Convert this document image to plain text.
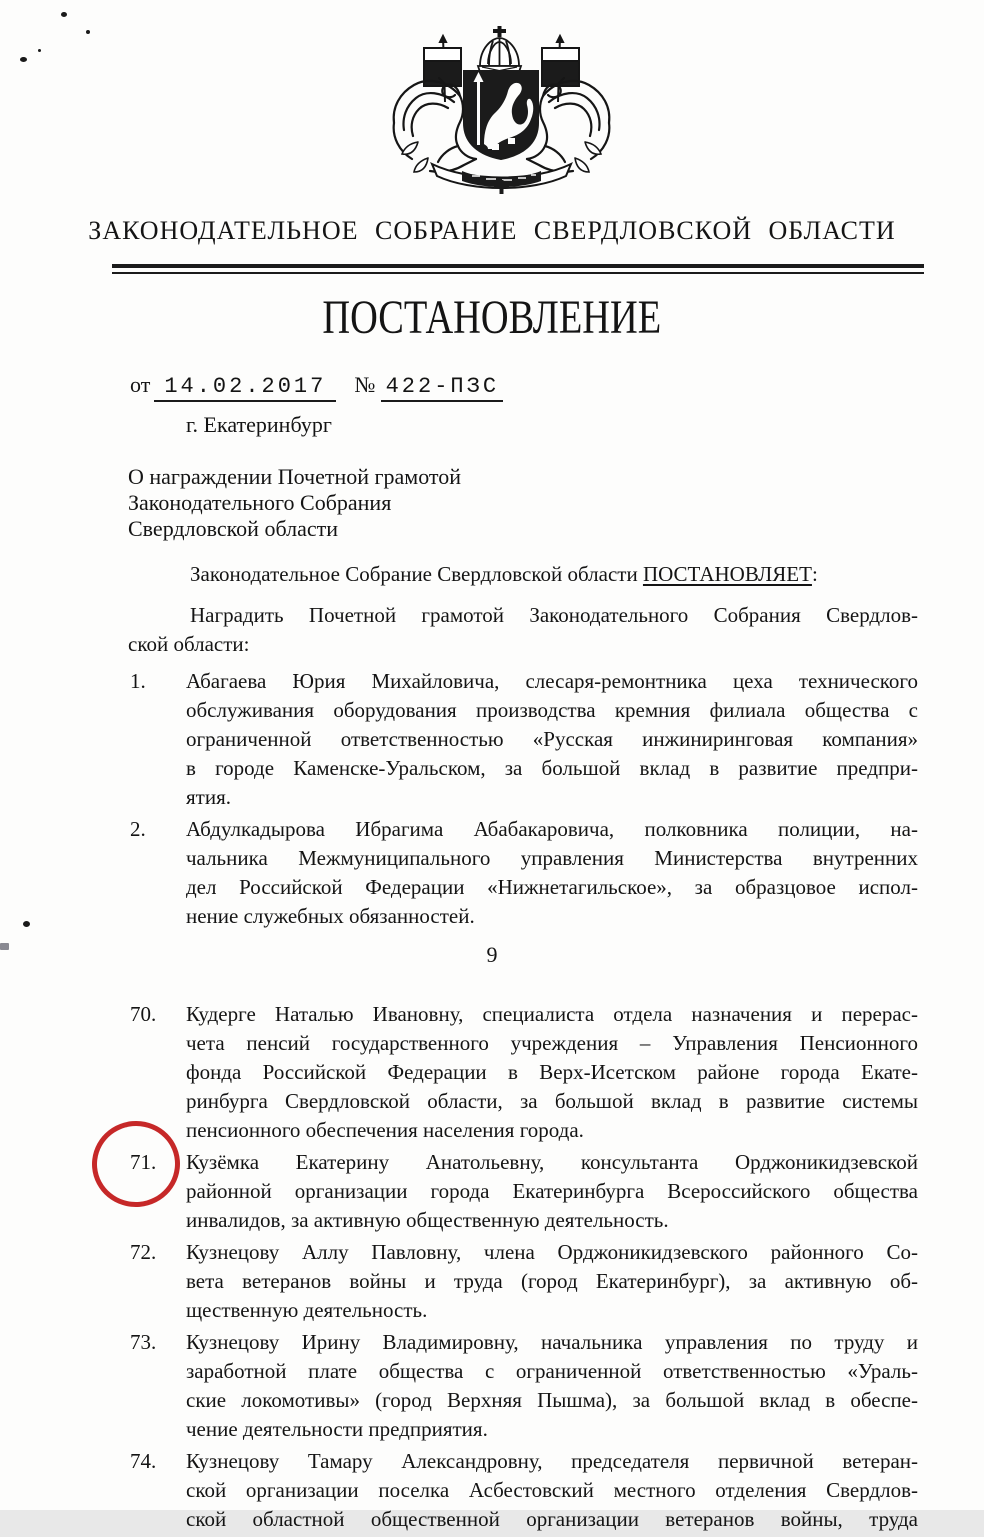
ЗАКОНОДАТЕЛЬНОЕ СОБРАНИЕ СВЕРДЛОВСКОЙ ОБЛАСТИ
ПОСТАНОВЛЕНИЕ
от 14.02.2017 № 422-ПЗС
г. Екатеринбург
О награждении Почетной грамотой
Законодательного Собрания
Свердловской области
Законодательное Собрание Свердловской области ПОСТАНОВЛЯЕТ:
Наградить Почетной грамотой Законодательного Собрания Свердлов-
ской области:
1.	Абагаева Юрия Михайловича, слесаря-ремонтника цеха технического
обслуживания оборудования производства кремния филиала общества с
ограниченной ответственностью «Русская инжиниринговая компания»
в городе Каменске-Уральском, за большой вклад в развитие предпри-
ятия.
2.	Абдулкадырова Ибрагима Абабакаровича, полковника полиции, на-
чальника Межмуниципального управления Министерства внутренних
дел Российской Федерации «Нижнетагильское», за образцовое испол-
нение служебных обязанностей.
9
70.	Кудерге Наталью Ивановну, специалиста отдела назначения и перерас-
чета пенсий государственного учреждения – Управления Пенсионного
фонда Российской Федерации в Верх-Исетском районе города Екате-
ринбурга Свердловской области, за большой вклад в развитие системы
пенсионного обеспечения населения города.
71.	Кузёмка Екатерину Анатольевну, консультанта Орджоникидзевской
районной организации города Екатеринбурга Всероссийского общества
инвалидов, за активную общественную деятельность.
72.	Кузнецову Аллу Павловну, члена Орджоникидзевского районного Со-
вета ветеранов войны и труда (город Екатеринбург), за активную об-
щественную деятельность.
73.	Кузнецову Ирину Владимировну, начальника управления по труду и
заработной плате общества с ограниченной ответственностью «Ураль-
ские локомотивы» (город Верхняя Пышма), за большой вклад в обеспе-
чение деятельности предприятия.
74.	Кузнецову Тамару Александровну, председателя первичной ветеран-
ской организации поселка Асбестовский местного отделения Свердлов-
ской областной общественной организации ветеранов войны, труда
